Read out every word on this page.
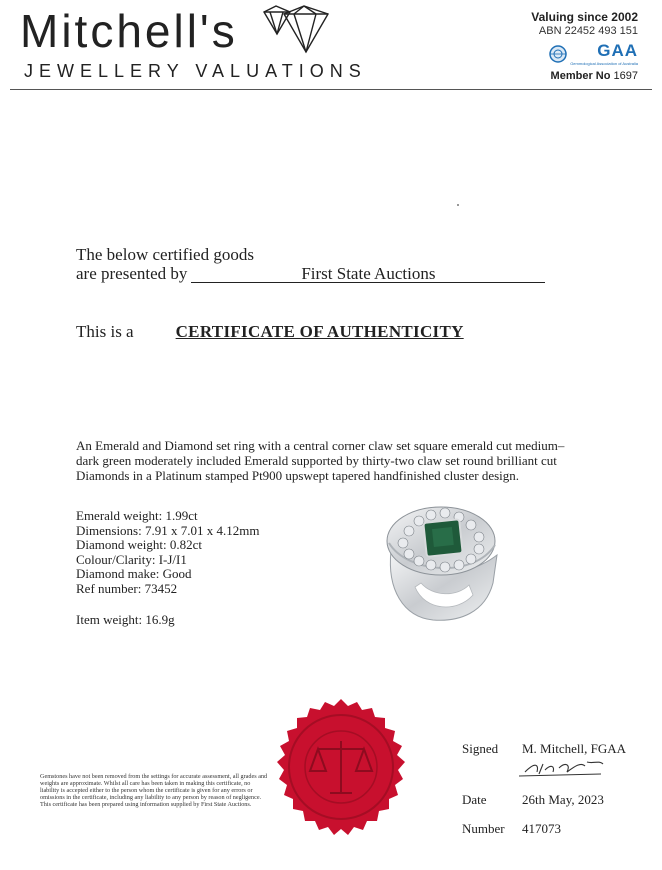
Mitchell's
JEWELLERY VALUATIONS
Valuing since 2002
ABN 22452 493 151
GAA
Gemmological Association of Australia
Member No 1697
The below certified goods
are presented by	First State Auctions
This is a CERTIFICATE OF AUTHENTICITY
An Emerald and Diamond set ring with a central corner claw set square emerald cut medium–dark green moderately included Emerald supported by thirty-two claw set round brilliant cut Diamonds in a Platinum stamped Pt900 upswept tapered handfinished cluster design.
Emerald weight: 1.99ct
Dimensions: 7.91 x 7.01 x 4.12mm
Diamond weight: 0.82ct
Colour/Clarity: I-J/I1
Diamond make: Good
Ref number: 73452
Item weight: 16.9g
Gemstones have not been removed from the settings for accurate assessment, all grades and weights are approximate. Whilst all care has been taken in making this certificate, no liability is accepted either to the person whom the certificate is given for any errors or omissions in the certificate, including any liability to any person by reason of negligence. This certificate has been prepared using information supplied by First State Auctions.
Signed	M. Mitchell, FGAA
Date	26th May, 2023
Number	417073
